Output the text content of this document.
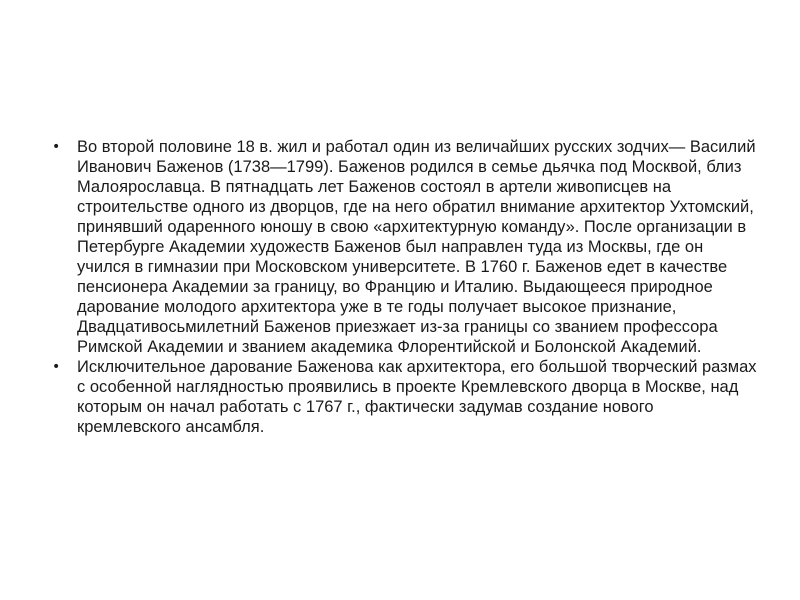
• Во второй половине 18 в. жил и работал один из величайших русских зодчих— Василий Иванович Баженов (1738—1799). Баженов родился в семье дьячка под Москвой, близ Малоярославца. В пятнадцать лет Баженов состоял в артели живописцев на строительстве одного из дворцов, где на него обратил внимание архитектор Ухтомский, принявший одаренного юношу в свою «архитектурную команду». После организации в Петербурге Академии художеств Баженов был направлен туда из Москвы, где он учился в гимназии при Московском университете. В 1760 г. Баженов едет в качестве пенсионера Академии за границу, во Францию и Италию. Выдающееся природное дарование молодого архитектора уже в те годы получает высокое признание, Двадцативосьмилетний Баженов приезжает из-за границы со званием профессора Римской Академии и званием академика Флорентийской и Болонской Академий.
• Исключительное дарование Баженова как архитектора, его большой творческий размах с особенной наглядностью проявились в проекте Кремлевского дворца в Москве, над которым он начал работать с 1767 г., фактически задумав создание нового кремлевского ансамбля.
